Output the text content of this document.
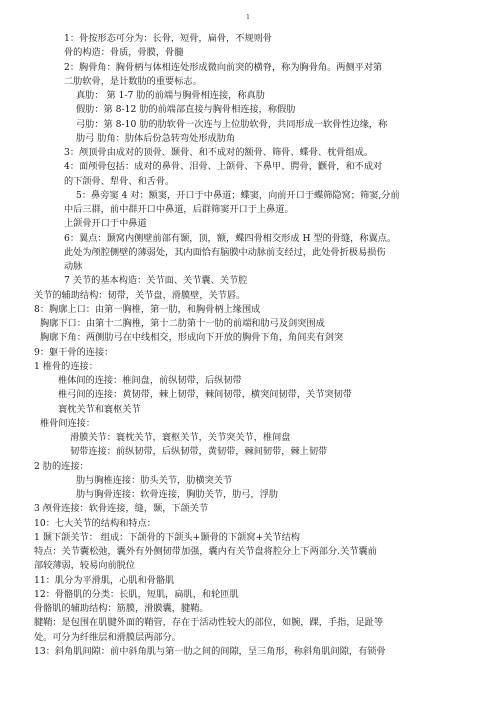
1
1：骨按形态可分为：长骨，短骨，扁骨，不规则骨
骨的构造：骨质，骨膜，骨髓
2：胸骨角：胸骨柄与体相连处形成微向前突的横脊，称为胸骨角。两侧平对第
二肋软骨，是计数肋的重要标志。
真肋： 第 1-7 肋的前端与胸骨相连接，称真肋
假肋：第 8-12 肋的前端部直接与胸骨相连接，称假肋
弓肋：第 8-10 肋的肋软骨一次连与上位肋软骨，共同形成一软骨性边缘，称
肋弓 肋角：肋体后份急转弯处形成肋角
3：颅顶骨由成对的顶骨、颞骨、和不成对的额骨、筛骨、蝶骨、枕骨组成。
4：面颅骨包括：成对的鼻骨、泪骨、上颌骨、下鼻甲、腭骨，颧骨，和不成对
的下颌骨、犁骨、和舌骨。
5：鼻旁窦 4 对：额窦，开口于中鼻道；蝶窦，向前开口于蝶筛隐窝；筛窦,分前
中后三群，前中群开口中鼻道，后群筛窦开口于上鼻道。
上颌骨开口于中鼻道
6：翼点：颞窝内侧壁前部有颞，顶，额，蝶四骨相交形成 H 型的骨缝，称翼点。
此处为颅腔侧壁的薄弱处，其内面恰有脑膜中动脉前支经过，此处骨折极易损伤
动脉
7 关节的基本构造：关节面、关节囊、关节腔
关节的辅助结构：韧带，关节盘，滑膜壁，关节唇。
8：胸廓上口：由第一胸椎，第一肋，和胸骨柄上缘围成
胸廓下口：由第十二胸椎，第十二肋第十一肋的前端和肋弓及剑突围成
胸廓下角：两侧肋弓在中线相交，形成向下开放的胸骨下角，角间夹有剑突
9：躯干骨的连接：
1 椎骨的连接：
椎体间的连接：椎间盘，前纵韧带，后纵韧带
椎弓间的连接：黄韧带，棘上韧带，棘间韧带，横突间韧带，关节突韧带
寰枕关节和寰枢关节
椎骨间连接：
滑膜关节：寰枕关节，寰枢关节，关节突关节，椎间盘
韧带连接：前纵韧带，后纵韧带，黄韧带，棘间韧带，棘上韧带
2 肋的连接：
肋与胸椎连接：肋头关节，肋横突关节
肋与胸骨连接：软骨连接，胸肋关节，肋弓，浮肋
3 颅骨连接：软骨连接，缝，颞，下颌关节
10：七大关节的结构和特点：
1 颞下颌关节： 组成：下颌骨的下颌头+颞骨的下颌窝+关节结构
特点：关节囊松弛，囊外有外侧韧带加强，囊内有关节盘将腔分上下两部分.关节囊前
部较薄弱，较易向前脱位
11：肌分为平滑肌，心肌和骨骼肌
12：骨骼肌的分类：长肌，短肌，扁肌，和轮匝肌
骨骼肌的辅助结构：筋膜，滑膜囊，腱鞘。
腱鞘：是包围在肌腱外面的鞘管，存在于活动性较大的部位，如腕，踝，手指，足趾等
处。可分为纤维层和滑膜层两部分。
13：斜角肌间隙：前中斜角肌与第一肋之间的间隙，呈三角形，称斜角肌间隙，有锁骨
